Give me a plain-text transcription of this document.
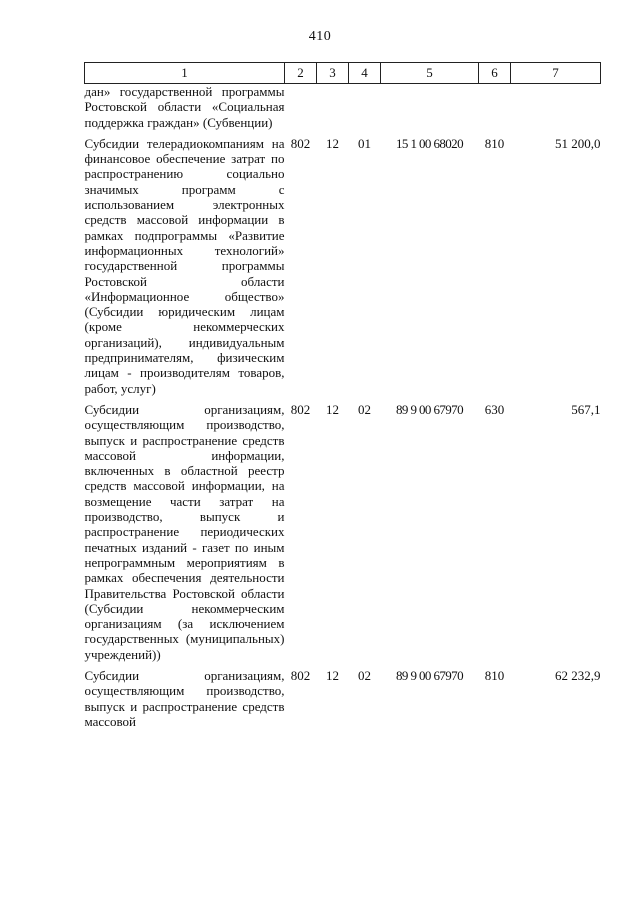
410
1	2	3	4	5	6	7
дан» государственной программы Ростовской области «Социальная поддержка граждан» (Субвенции)						
Субсидии телерадиокомпаниям на финансовое обеспечение затрат по распространению социально значимых программ с использованием электронных средств массовой информации в рамках подпрограммы «Развитие информационных технологий» государственной программы Ростовской области «Информационное общество» (Субсидии юридическим лицам (кроме некоммерческих организаций), индивидуальным предпринимателям, физическим лицам - производителям товаров, работ, услуг)	802	12	01	15 1 00 68020	810	51 200,0
Субсидии организациям, осуществляющим производство, выпуск и распространение средств массовой информации, включенных в областной реестр средств массовой информации, на возмещение части затрат на производство, выпуск и распространение периодических печатных изданий - газет по иным непрограммным мероприятиям в рамках обеспечения деятельности Правительства Ростовской области (Субсидии некоммерческим организациям (за исключением государственных (муниципальных) учреждений))	802	12	02	89 9 00 67970	630	567,1
Субсидии организациям, осуществляющим производство, выпуск и распространение средств массовой	802	12	02	89 9 00 67970	810	62 232,9
